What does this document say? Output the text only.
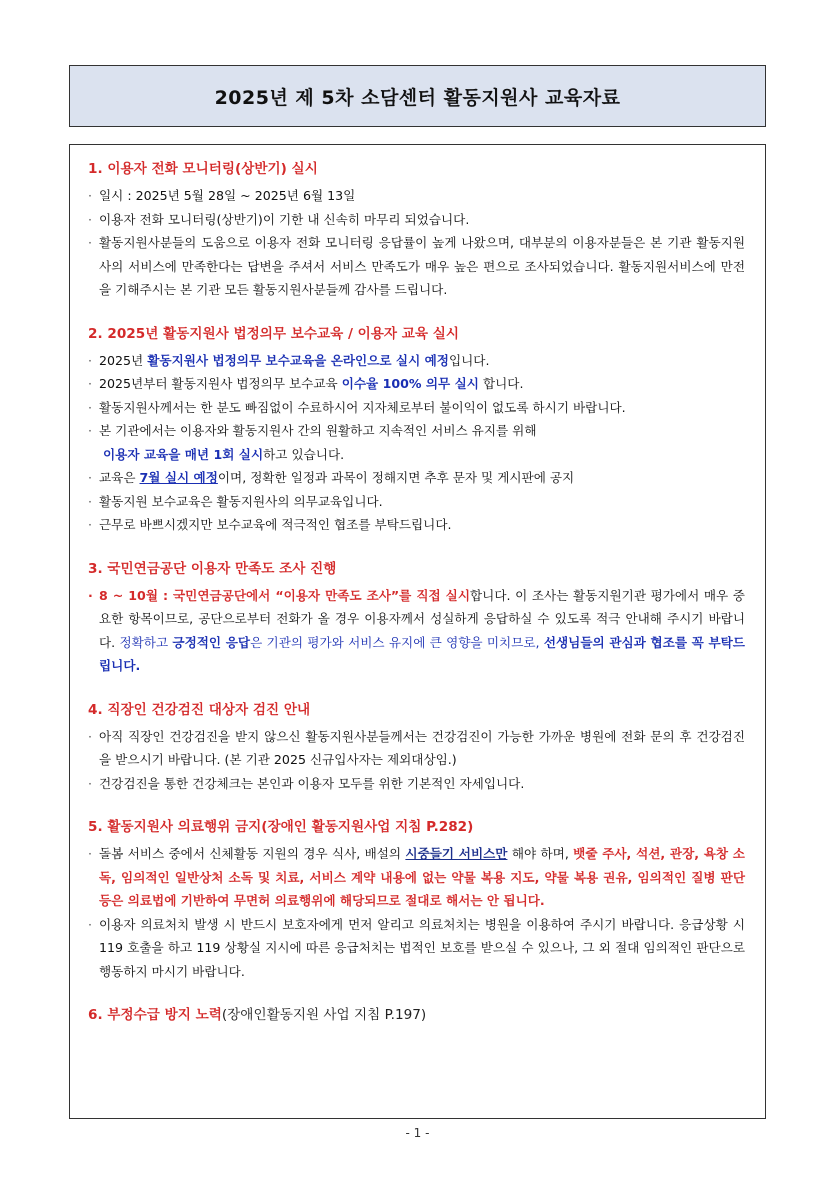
2025년 제 5차 소담센터 활동지원사 교육자료
1. 이용자 전화 모니터링(상반기) 실시
· 일시 : 2025년 5월 28일 ~ 2025년 6월 13일
· 이용자 전화 모니터링(상반기)이 기한 내 신속히 마무리 되었습니다.
· 활동지원사분들의 도움으로 이용자 전화 모니터링 응답률이 높게 나왔으며, 대부분의 이용자분들은 본 기관 활동지원사의 서비스에 만족한다는 답변을 주셔서 서비스 만족도가 매우 높은 편으로 조사되었습니다. 활동지원서비스에 만전을 기해주시는 본 기관 모든 활동지원사분들께 감사를 드립니다.
2. 2025년 활동지원사 법정의무 보수교육 / 이용자 교육 실시
· 2025년 활동지원사 법정의무 보수교육을 온라인으로 실시 예정입니다.
· 2025년부터 활동지원사 법정의무 보수교육 이수율 100% 의무 실시 합니다.
· 활동지원사께서는 한 분도 빠짐없이 수료하시어 지자체로부터 불이익이 없도록 하시기 바랍니다.
· 본 기관에서는 이용자와 활동지원사 간의 원활하고 지속적인 서비스 유지를 위해
이용자 교육을 매년 1회 실시하고 있습니다.
· 교육은 7월 실시 예정이며, 정확한 일정과 과목이 정해지면 추후 문자 및 게시판에 공지
· 활동지원 보수교육은 활동지원사의 의무교육입니다.
· 근무로 바쁘시겠지만 보수교육에 적극적인 협조를 부탁드립니다.
3. 국민연금공단 이용자 만족도 조사 진행
· 8 ~ 10월 : 국민연금공단에서 “이용자 만족도 조사”를 직접 실시합니다. 이 조사는 활동지원기관 평가에서 매우 중요한 항목이므로, 공단으로부터 전화가 올 경우 이용자께서 성실하게 응답하실 수 있도록 적극 안내해 주시기 바랍니다. 정확하고 긍정적인 응답은 기관의 평가와 서비스 유지에 큰 영향을 미치므로, 선생님들의 관심과 협조를 꼭 부탁드립니다.
4. 직장인 건강검진 대상자 검진 안내
· 아직 직장인 건강검진을 받지 않으신 활동지원사분들께서는 건강검진이 가능한 가까운 병원에 전화 문의 후 건강검진을 받으시기 바랍니다. (본 기관 2025 신규입사자는 제외대상임.)
· 건강검진을 통한 건강체크는 본인과 이용자 모두를 위한 기본적인 자세입니다.
5. 활동지원사 의료행위 금지(장애인 활동지원사업 지침 P.282)
· 돌봄 서비스 중에서 신체활동 지원의 경우 식사, 배설의 시중들기 서비스만 해야 하며, 뱃줄 주사, 석션, 관장, 욕창 소독, 임의적인 일반상처 소독 및 치료, 서비스 계약 내용에 없는 약물 복용 지도, 약물 복용 권유, 임의적인 질병 판단 등은 의료법에 기반하여 무면허 의료행위에 해당되므로 절대로 해서는 안 됩니다.
· 이용자 의료처치 발생 시 반드시 보호자에게 먼저 알리고 의료처치는 병원을 이용하여 주시기 바랍니다. 응급상황 시 119 호출을 하고 119 상황실 지시에 따른 응급처치는 법적인 보호를 받으실 수 있으나, 그 외 절대 임의적인 판단으로 행동하지 마시기 바랍니다.
6. 부정수급 방지 노력(장애인활동지원 사업 지침 P.197)
- 1 -
